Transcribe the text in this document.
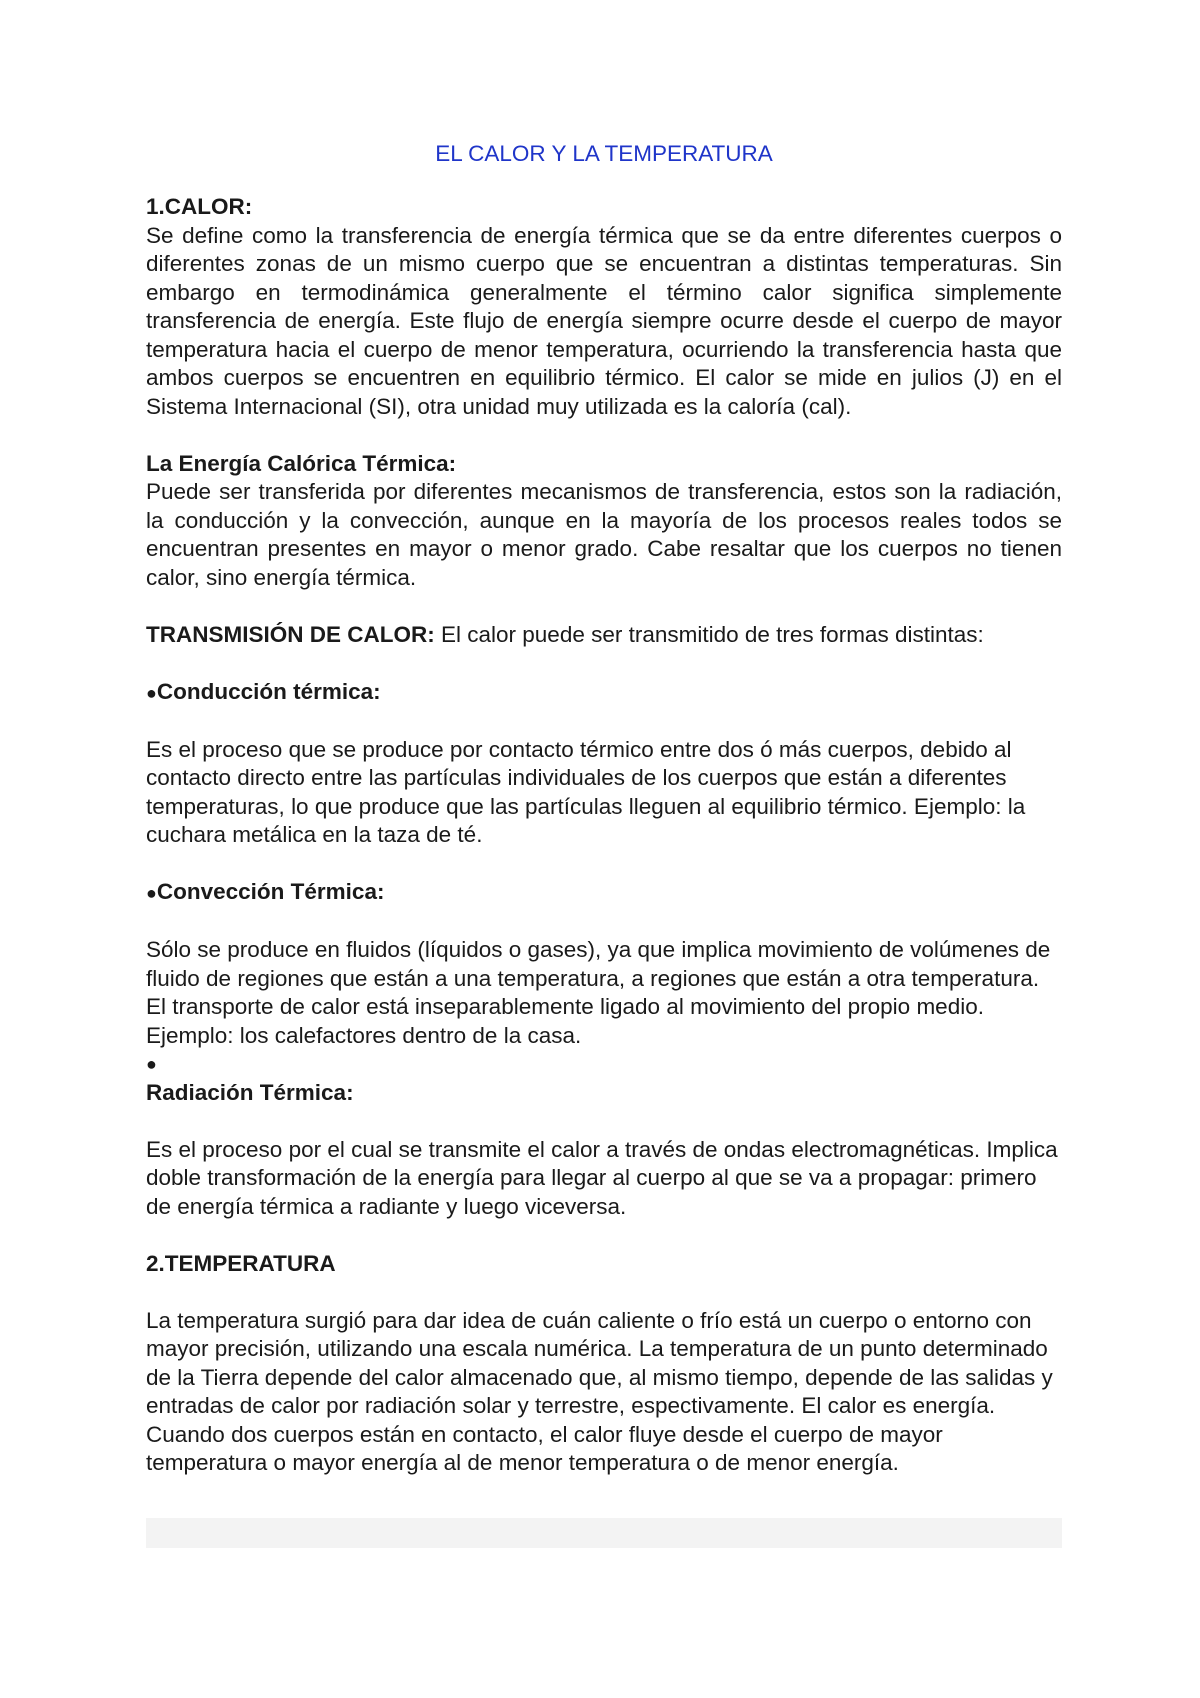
EL CALOR Y LA TEMPERATURA

1.CALOR:

Se define como la transferencia de energía térmica que se da entre diferentes cuerpos o diferentes zonas de un mismo cuerpo que se encuentran a distintas temperaturas. Sin embargo en termodinámica generalmente el término calor significa simplemente transferencia de energía. Este flujo de energía siempre ocurre desde el cuerpo de mayor temperatura hacia el cuerpo de menor temperatura, ocurriendo la transferencia hasta que ambos cuerpos se encuentren en equilibrio térmico. El calor se mide en julios (J) en el Sistema Internacional (SI), otra unidad muy utilizada es la caloría (cal).

La Energía Calórica Térmica:

Puede ser transferida por diferentes mecanismos de transferencia, estos son la radiación, la conducción y la convección, aunque en la mayoría de los procesos reales todos se encuentran presentes en mayor o menor grado. Cabe resaltar que los cuerpos no tienen calor, sino energía térmica.

TRANSMISIÓN DE CALOR: El calor puede ser transmitido de tres formas distintas:

●Conducción térmica:

Es el proceso que se produce por contacto térmico entre dos ó más cuerpos, debido al contacto directo entre las partículas individuales de los cuerpos que están a diferentes temperaturas, lo que produce que las partículas lleguen al equilibrio térmico. Ejemplo: la cuchara metálica en la taza de té.

●Convección Térmica:

Sólo se produce en fluidos (líquidos o gases), ya que implica movimiento de volúmenes de fluido de regiones que están a una temperatura, a regiones que están a otra temperatura. El transporte de calor está inseparablemente ligado al movimiento del propio medio. Ejemplo: los calefactores dentro de la casa.

●

Radiación Térmica:

Es el proceso por el cual se transmite el calor a través de ondas electromagnéticas. Implica doble transformación de la energía para llegar al cuerpo al que se va a propagar: primero de energía térmica a radiante y luego viceversa.

2.TEMPERATURA

La temperatura surgió para dar idea de cuán caliente o frío está un cuerpo o entorno con mayor precisión, utilizando una escala numérica. La temperatura de un punto determinado de la Tierra depende del calor almacenado que, al mismo tiempo, depende de las salidas y entradas de calor por radiación solar y terrestre, espectivamente. El calor es energía. Cuando dos cuerpos están en contacto, el calor fluye desde el cuerpo de mayor temperatura o mayor energía al de menor temperatura o de menor energía.
